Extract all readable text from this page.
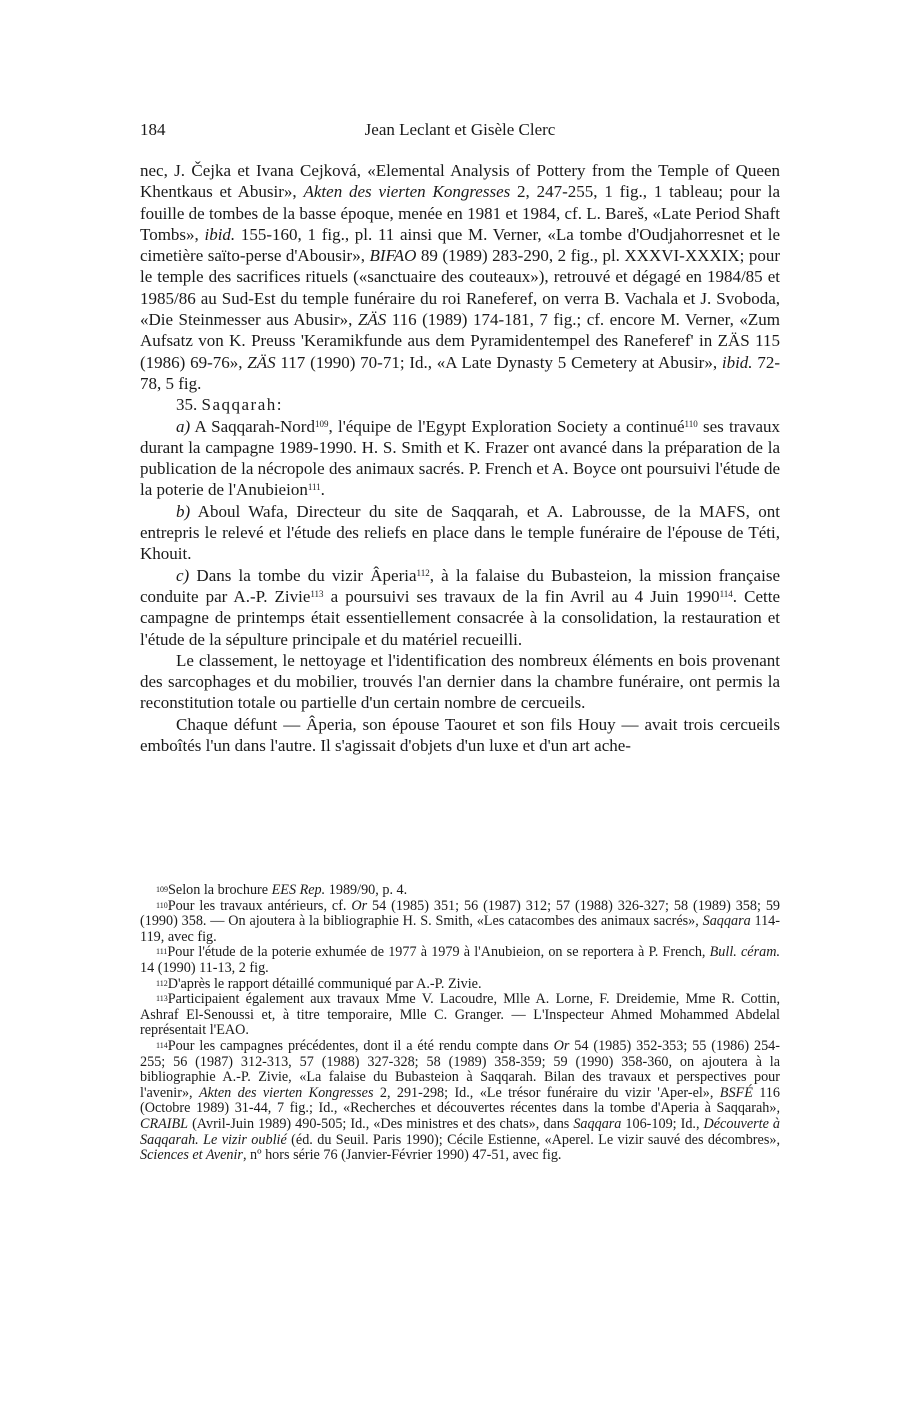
184	Jean Leclant et Gisèle Clerc

nec, J. Čejka et Ivana Cejková, «Elemental Analysis of Pottery from the Temple of Queen Khentkaus et Abusir», Akten des vierten Kongresses 2, 247-255, 1 fig., 1 tableau; pour la fouille de tombes de la basse époque, menée en 1981 et 1984, cf. L. Bareš, «Late Period Shaft Tombs», ibid. 155-160, 1 fig., pl. 11 ainsi que M. Verner, «La tombe d'Oudjahorresnet et le cimetière saïto-perse d'Abousir», BIFAO 89 (1989) 283-290, 2 fig., pl. XXXVI-XXXIX; pour le temple des sacrifices rituels («sanctuaire des couteaux»), retrouvé et dégagé en 1984/85 et 1985/86 au Sud-Est du temple funéraire du roi Raneferef, on verra B. Vachala et J. Svoboda, «Die Steinmesser aus Abusir», ZÄS 116 (1989) 174-181, 7 fig.; cf. encore M. Verner, «Zum Aufsatz von K. Preuss 'Keramikfunde aus dem Pyramidentempel des Raneferef' in ZÄS 115 (1986) 69-76», ZÄS 117 (1990) 70-71; Id., «A Late Dynasty 5 Cemetery at Abusir», ibid. 72-78, 5 fig.

35. Saqqarah:

a) A Saqqarah-Nord$^{109}$, l'équipe de l'Egypt Exploration Society a continué$^{110}$ ses travaux durant la campagne 1989-1990. H. S. Smith et K. Frazer ont avancé dans la préparation de la publication de la nécropole des animaux sacrés. P. French et A. Boyce ont poursuivi l'étude de la poterie de l'Anubieion$^{111}$.

b) Aboul Wafa, Directeur du site de Saqqarah, et A. Labrousse, de la MAFS, ont entrepris le relevé et l'étude des reliefs en place dans le temple funéraire de l'épouse de Téti, Khouit.

c) Dans la tombe du vizir Âperia$^{112}$, à la falaise du Bubasteion, la mission française conduite par A.-P. Zivie$^{113}$ a poursuivi ses travaux de la fin Avril au 4 Juin 1990$^{114}$. Cette campagne de printemps était essentiellement consacrée à la consolidation, la restauration et l'étude de la sépulture principale et du matériel recueilli.

Le classement, le nettoyage et l'identification des nombreux éléments en bois provenant des sarcophages et du mobilier, trouvés l'an dernier dans la chambre funéraire, ont permis la reconstitution totale ou partielle d'un certain nombre de cercueils.

Chaque défunt — Âperia, son épouse Taouret et son fils Houy — avait trois cercueils emboîtés l'un dans l'autre. Il s'agissait d'objets d'un luxe et d'un art ache-

$^{109}$Selon la brochure EES Rep. 1989/90, p. 4.

$^{110}$Pour les travaux antérieurs, cf. Or 54 (1985) 351; 56 (1987) 312; 57 (1988) 326-327; 58 (1989) 358; 59 (1990) 358. — On ajoutera à la bibliographie H. S. Smith, «Les catacombes des animaux sacrés», Saqqara 114-119, avec fig.

$^{111}$Pour l'étude de la poterie exhumée de 1977 à 1979 à l'Anubieion, on se reportera à P. French, Bull. céram. 14 (1990) 11-13, 2 fig.

$^{112}$D'après le rapport détaillé communiqué par A.-P. Zivie.

$^{113}$Participaient également aux travaux Mme V. Lacoudre, Mlle A. Lorne, F. Dreidemie, Mme R. Cottin, Ashraf El-Senoussi et, à titre temporaire, Mlle C. Granger. — L'Inspecteur Ahmed Mohammed Abdelal représentait l'EAO.

$^{114}$Pour les campagnes précédentes, dont il a été rendu compte dans Or 54 (1985) 352-353; 55 (1986) 254-255; 56 (1987) 312-313, 57 (1988) 327-328; 58 (1989) 358-359; 59 (1990) 358-360, on ajoutera à la bibliographie A.-P. Zivie, «La falaise du Bubasteion à Saqqarah. Bilan des travaux et perspectives pour l'avenir», Akten des vierten Kongresses 2, 291-298; Id., «Le trésor funéraire du vizir 'Aper-el», BSFÉ 116 (Octobre 1989) 31-44, 7 fig.; Id., «Recherches et découvertes récentes dans la tombe d'Aperia à Saqqarah», CRAIBL (Avril-Juin 1989) 490-505; Id., «Des ministres et des chats», dans Saqqara 106-109; Id., Découverte à Saqqarah. Le vizir oublié (éd. du Seuil. Paris 1990); Cécile Estienne, «Aperel. Le vizir sauvé des décombres», Sciences et Avenir, nº hors série 76 (Janvier-Février 1990) 47-51, avec fig.
